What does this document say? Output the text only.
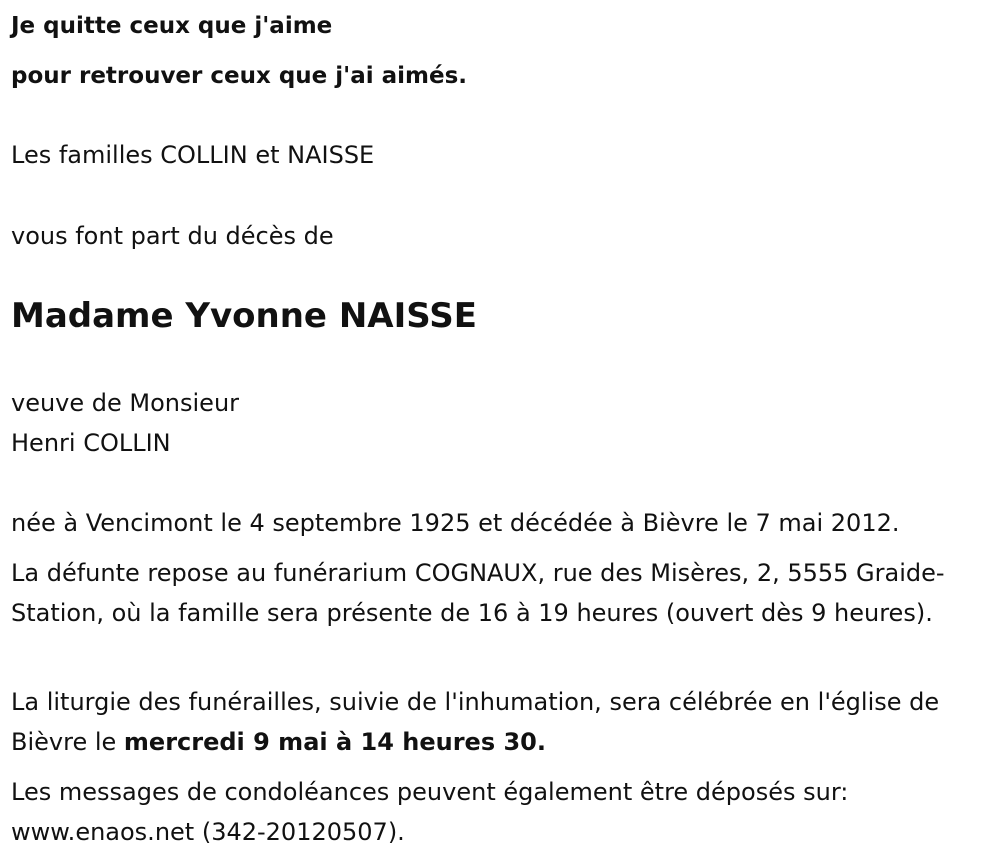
Je quitte ceux que j'aime
pour retrouver ceux que j'ai aimés.
Les familles COLLIN et NAISSE
vous font part du décès de
Madame Yvonne NAISSE
veuve de Monsieur
Henri COLLIN
née à Vencimont le 4 septembre 1925 et décédée à Bièvre le 7 mai 2012.
La défunte repose au funérarium COGNAUX, rue des Misères, 2, 5555 Graide-Station, où la famille sera présente de 16 à 19 heures (ouvert dès 9 heures).
La liturgie des funérailles, suivie de l'inhumation, sera célébrée en l'église de Bièvre le mercredi 9 mai à 14 heures 30.
Les messages de condoléances peuvent également être déposés sur: www.enaos.net (342-20120507).
